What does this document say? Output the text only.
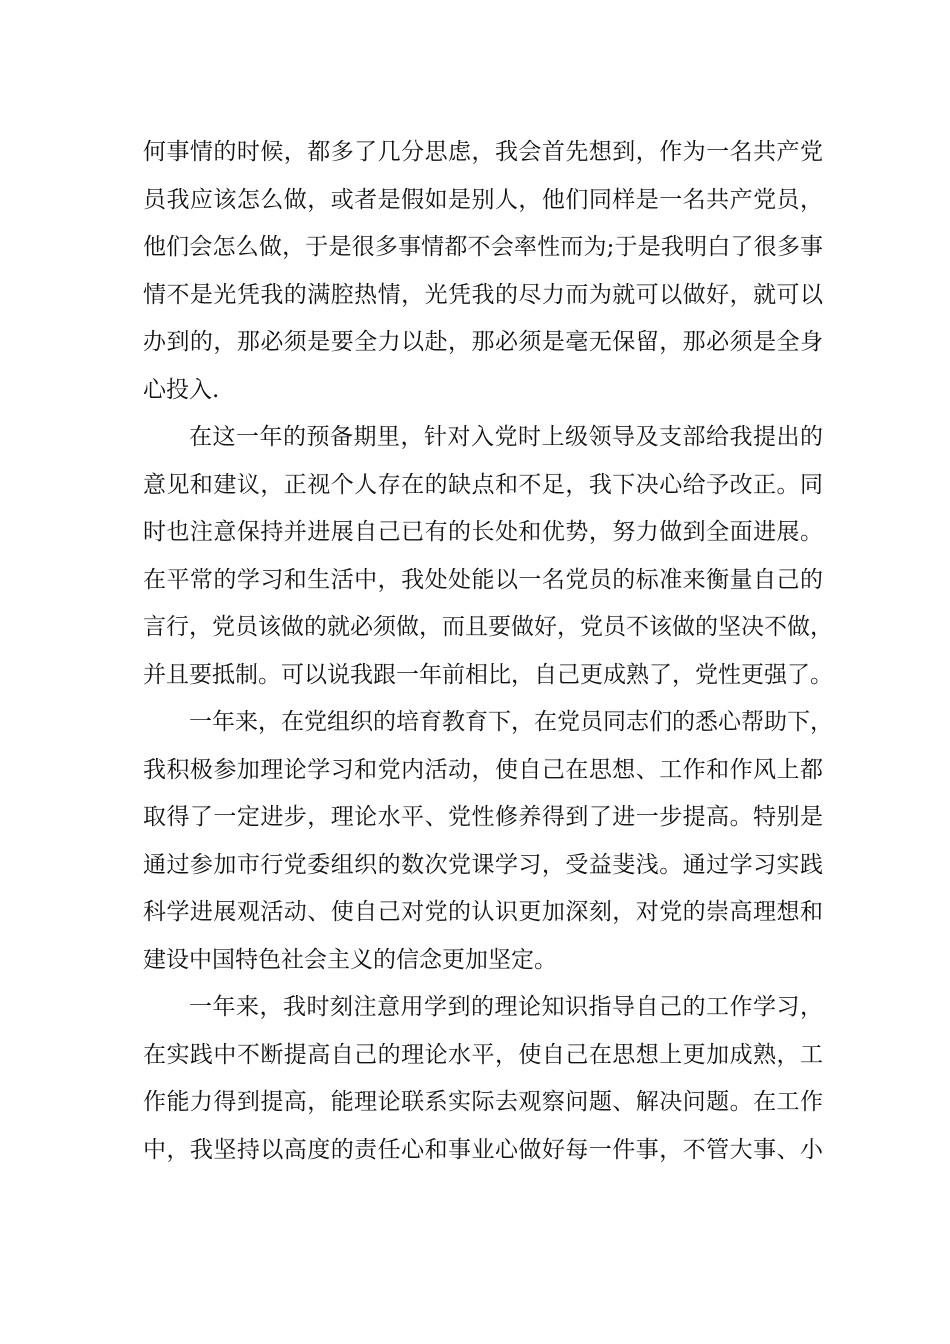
何事情的时候，都多了几分思虑，我会首先想到，作为一名共产党
员我应该怎么做，或者是假如是别人，他们同样是一名共产党员，
他们会怎么做，于是很多事情都不会率性而为;于是我明白了很多事
情不是光凭我的满腔热情，光凭我的尽力而为就可以做好，就可以
办到的，那必须是要全力以赴，那必须是毫无保留，那必须是全身
心投入.
在这一年的预备期里，针对入党时上级领导及支部给我提出的
意见和建议，正视个人存在的缺点和不足，我下决心给予改正。同
时也注意保持并进展自己已有的长处和优势，努力做到全面进展。
在平常的学习和生活中，我处处能以一名党员的标准来衡量自己的
言行，党员该做的就必须做，而且要做好，党员不该做的坚决不做，
并且要抵制。可以说我跟一年前相比，自己更成熟了，党性更强了。
一年来，在党组织的培育教育下，在党员同志们的悉心帮助下，
我积极参加理论学习和党内活动，使自己在思想、工作和作风上都
取得了一定进步，理论水平、党性修养得到了进一步提高。特别是
通过参加市行党委组织的数次党课学习，受益斐浅。通过学习实践
科学进展观活动、使自己对党的认识更加深刻，对党的崇高理想和
建设中国特色社会主义的信念更加坚定。
一年来，我时刻注意用学到的理论知识指导自己的工作学习，
在实践中不断提高自己的理论水平，使自己在思想上更加成熟，工
作能力得到提高，能理论联系实际去观察问题、解决问题。在工作
中，我坚持以高度的责任心和事业心做好每一件事，不管大事、小
